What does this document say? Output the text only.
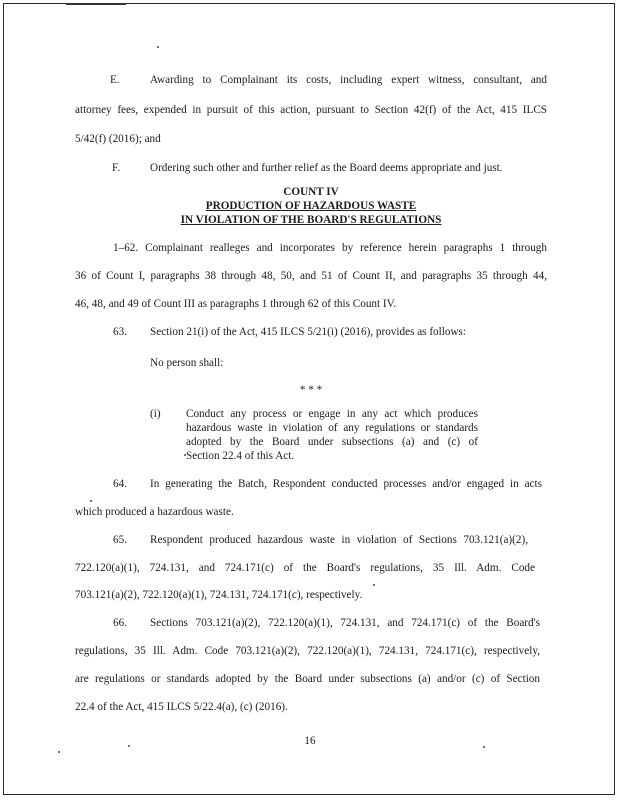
E.	Awarding to Complainant its costs, including expert witness, consultant, and
attorney fees, expended in pursuit of this action, pursuant to Section 42(f) of the Act, 415 ILCS
5/42(f) (2016); and
F.	Ordering such other and further relief as the Board deems appropriate and just.
COUNT IV
PRODUCTION OF HAZARDOUS WASTE
IN VIOLATION OF THE BOARD'S REGULATIONS
1–62. Complainant realleges and incorporates by reference herein paragraphs 1 through
36 of Count I, paragraphs 38 through 48, 50, and 51 of Count II, and paragraphs 35 through 44,
46, 48, and 49 of Count III as paragraphs 1 through 62 of this Count IV.
63. Section 21(i) of the Act, 415 ILCS 5/21(i) (2016), provides as follows:
No person shall:
* * *
(i) Conduct any process or engage in any act which produces
hazardous waste in violation of any regulations or standards
adopted by the Board under subsections (a) and (c) of
Section 22.4 of this Act.
64. In generating the Batch, Respondent conducted processes and/or engaged in acts
which produced a hazardous waste.
65. Respondent produced hazardous waste in violation of Sections 703.121(a)(2),
722.120(a)(1), 724.131, and 724.171(c) of the Board's regulations, 35 Ill. Adm. Code
703.121(a)(2), 722.120(a)(1), 724.131, 724.171(c), respectively.
66. Sections 703.121(a)(2), 722.120(a)(1), 724.131, and 724.171(c) of the Board's
regulations, 35 Ill. Adm. Code 703.121(a)(2), 722.120(a)(1), 724.131, 724.171(c), respectively,
are regulations or standards adopted by the Board under subsections (a) and/or (c) of Section
22.4 of the Act, 415 ILCS 5/22.4(a), (c) (2016).
16
